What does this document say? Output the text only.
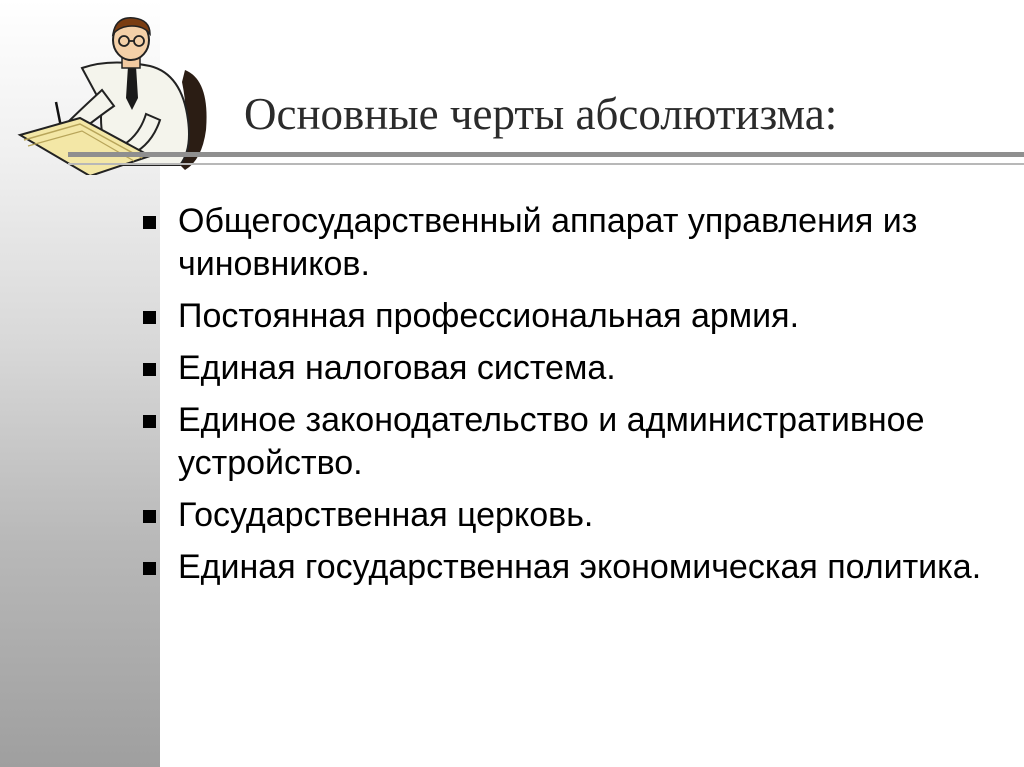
Основные черты абсолютизма:
Общегосударственный аппарат управления из чиновников.
Постоянная профессиональная армия.
Единая налоговая система.
Единое законодательство и административное устройство.
Государственная церковь.
Единая государственная экономическая политика.
